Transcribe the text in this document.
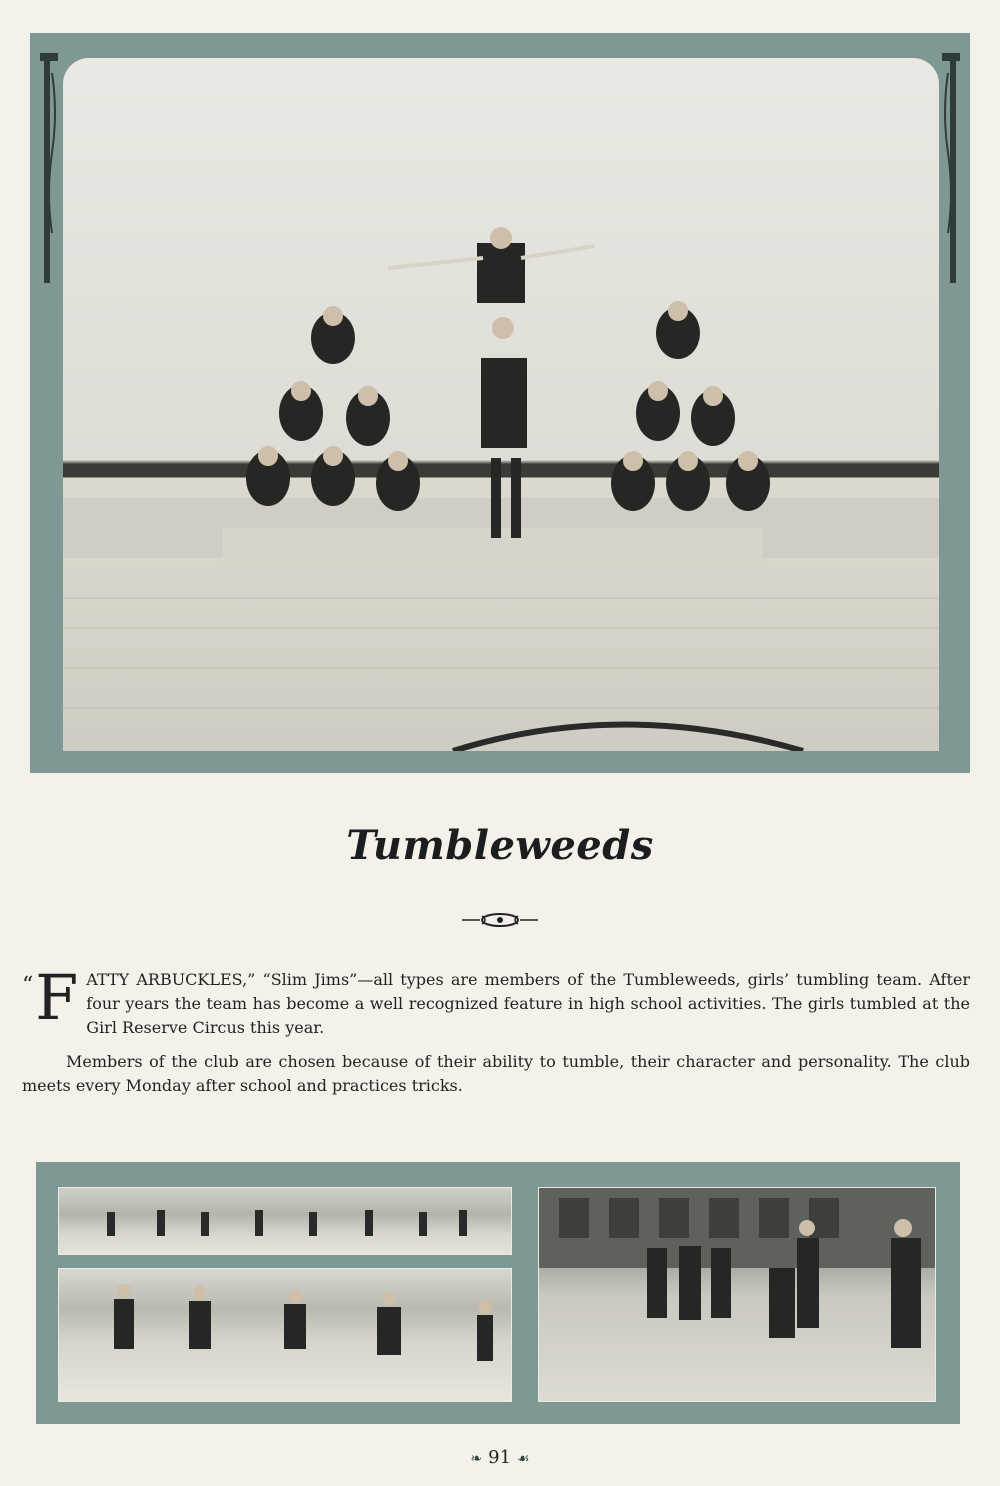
Tumbleweeds

“ F ATTY ARBUCKLES,” “Slim Jims”—all types are members of the Tumbleweeds, girls’ tumbling team. After four years the team has become a well recognized feature in high school activities. The girls tumbled at the Girl Reserve Circus this year.

Members of the club are chosen because of their ability to tumble, their character and personality. The club meets every Monday after school and practices tricks.

❧ 91 ☙
